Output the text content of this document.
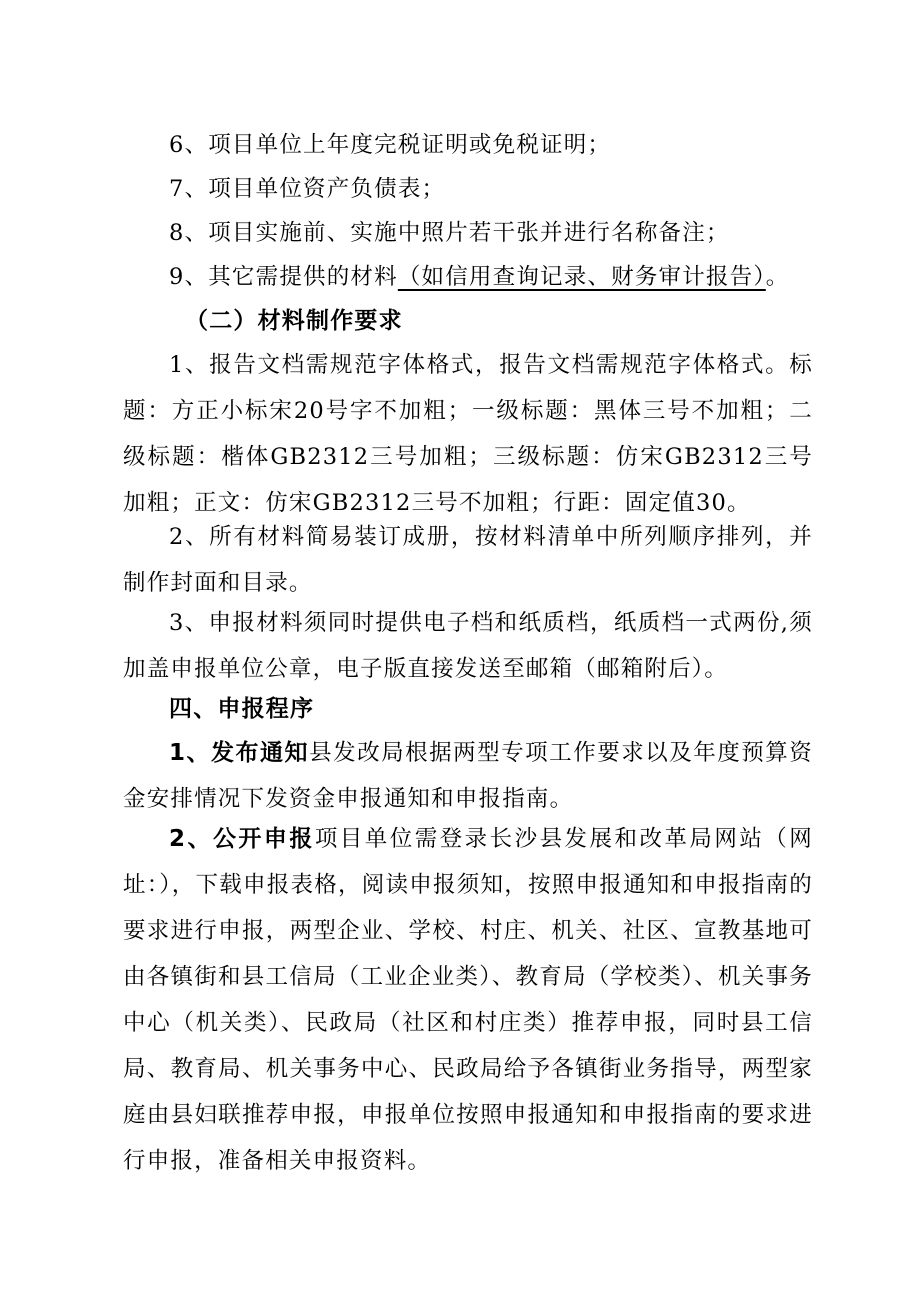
6、项目单位上年度完税证明或免税证明；

7、项目单位资产负债表；

8、项目实施前、实施中照片若干张并进行名称备注；

9、其它需提供的材料（如信用查询记录、财务审计报告）。

（二）材料制作要求

1、报告文档需规范字体格式，报告文档需规范字体格式。标题：方正小标宋20号字不加粗；一级标题：黑体三号不加粗；二级标题：楷体GB2312三号加粗；三级标题：仿宋GB2312三号加粗；正文：仿宋GB2312三号不加粗；行距：固定值30。

2、所有材料简易装订成册，按材料清单中所列顺序排列，并制作封面和目录。

3、申报材料须同时提供电子档和纸质档，纸质档一式两份,须加盖申报单位公章，电子版直接发送至邮箱（邮箱附后）。

四、申报程序

1、发布通知县发改局根据两型专项工作要求以及年度预算资金安排情况下发资金申报通知和申报指南。

2、公开申报项目单位需登录长沙县发展和改革局网站（网址：），下载申报表格，阅读申报须知，按照申报通知和申报指南的要求进行申报，两型企业、学校、村庄、机关、社区、宣教基地可由各镇街和县工信局（工业企业类）、教育局（学校类）、机关事务中心（机关类）、民政局（社区和村庄类）推荐申报，同时县工信局、教育局、机关事务中心、民政局给予各镇街业务指导，两型家庭由县妇联推荐申报，申报单位按照申报通知和申报指南的要求进行申报，准备相关申报资料。
